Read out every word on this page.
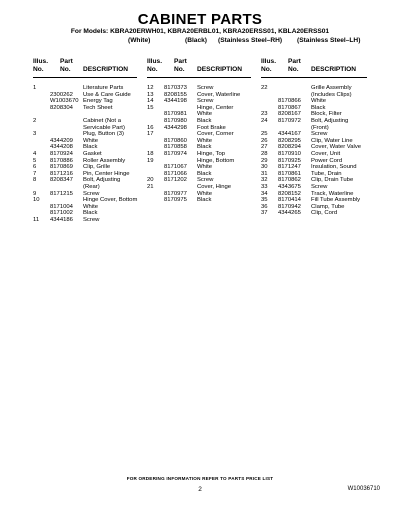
CABINET PARTS
For Models: KBRA20ERWH01, KBRA20ERBL01, KBRA20ERSS01, KBLA20ERSS01
(White)	(Black) (Stainless Steel–RH) (Stainless Steel–LH)
Illus.
No.
Part
No.	DESCRIPTION
1	Literature Parts
2300262 Use & Care Guide
W1003670 Energy Tag
8208304 Tech Sheet
2	Cabinet (Not a
Servicable Part)
3	Plug, Button (3)
4344209 White
4344208 Black
4 8170924 Gasket
5 8170886 Roller Assembly
6 8170869 Clip, Grille
7 8171216 Pin, Center Hinge
8 8208347 Bolt, Adjusting
(Rear)
9 8171215 Screw
10	Hinge Cover, Bottom
8171004 White
8171002 Black
11 4344186 Screw
Illus.
No.
Part
No.	DESCRIPTION
12 8170373 Screw
13 8208155 Cover, Waterline
14 4344198 Screw
15	Hinge, Center
8170981 White
8170980 Black
16 4344298 Foot Brake
17	Cover, Corner
8170860 White
8170858 Black
18 8170974 Hinge, Top
19	Hinge, Bottom
8171067 White
8171066 Black
20 8171202 Screw
21	Cover, Hinge
8170977 White
8170975 Black
Illus.
No.
Part
No.	DESCRIPTION
22	Grille Assembly
(Includes Clips)
8170866 White
8170867 Black
23 8208167 Block, Filter
24 8170972 Bolt, Adjusting
(Front)
25 4344167 Screw
26 8208295 Clip, Water Line
27 8208294 Cover, Water Valve
28 8170910 Cover, Unit
29 8170925 Power Cord
30 8171247 Insulation, Sound
31 8170861 Tube, Drain
32 8170862 Clip, Drain Tube
33 4343675 Screw
34 8208152 Track, Waterline
35 8170414 Fill Tube Assembly
36 8170942 Clamp, Tube
37 4344265 Clip, Cord
FOR ORDERING INFORMATION REFER TO PARTS PRICE LIST
2	W10036710
